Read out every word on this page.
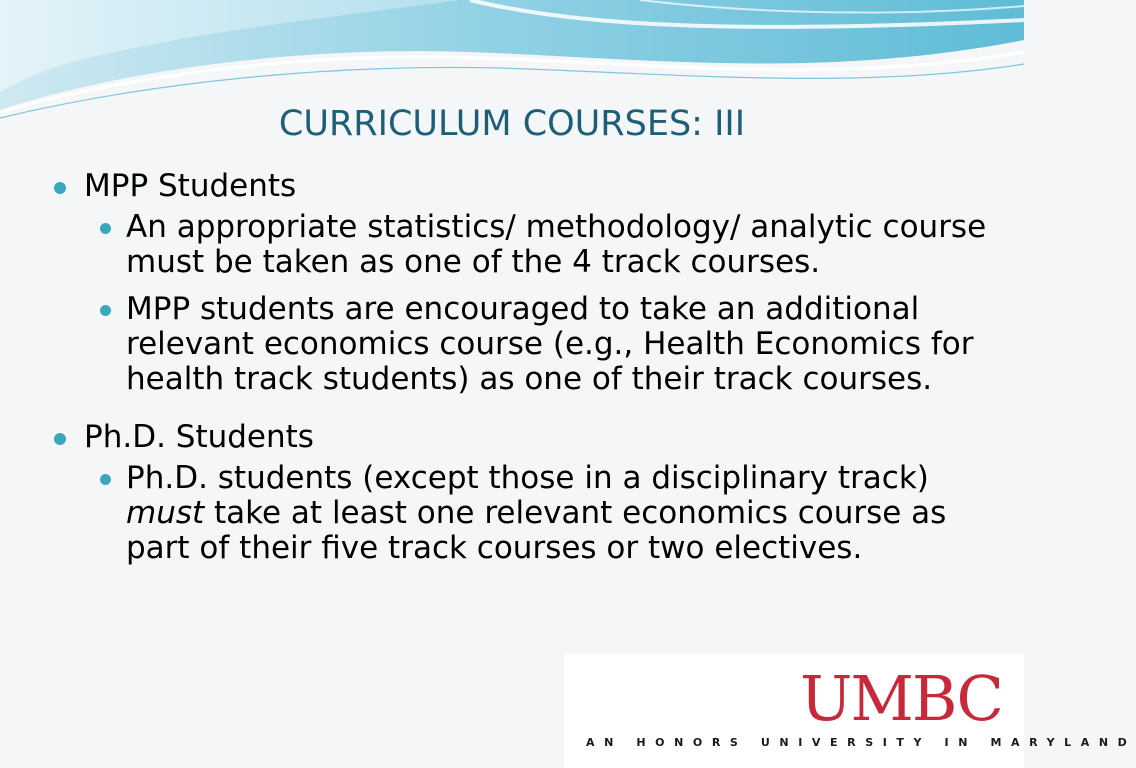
CURRICULUM COURSES: III
MPP Students
An appropriate statistics/ methodology/ analytic course must be taken as one of the 4 track courses.
MPP students are encouraged to take an additional relevant economics course (e.g., Health Economics for health track students) as one of their track courses.
Ph.D. Students
Ph.D. students (except those in a disciplinary track) must take at least one relevant economics course as part of their five track courses or two electives.
UMBC
AN HONORS UNIVERSITY IN MARYLAND
